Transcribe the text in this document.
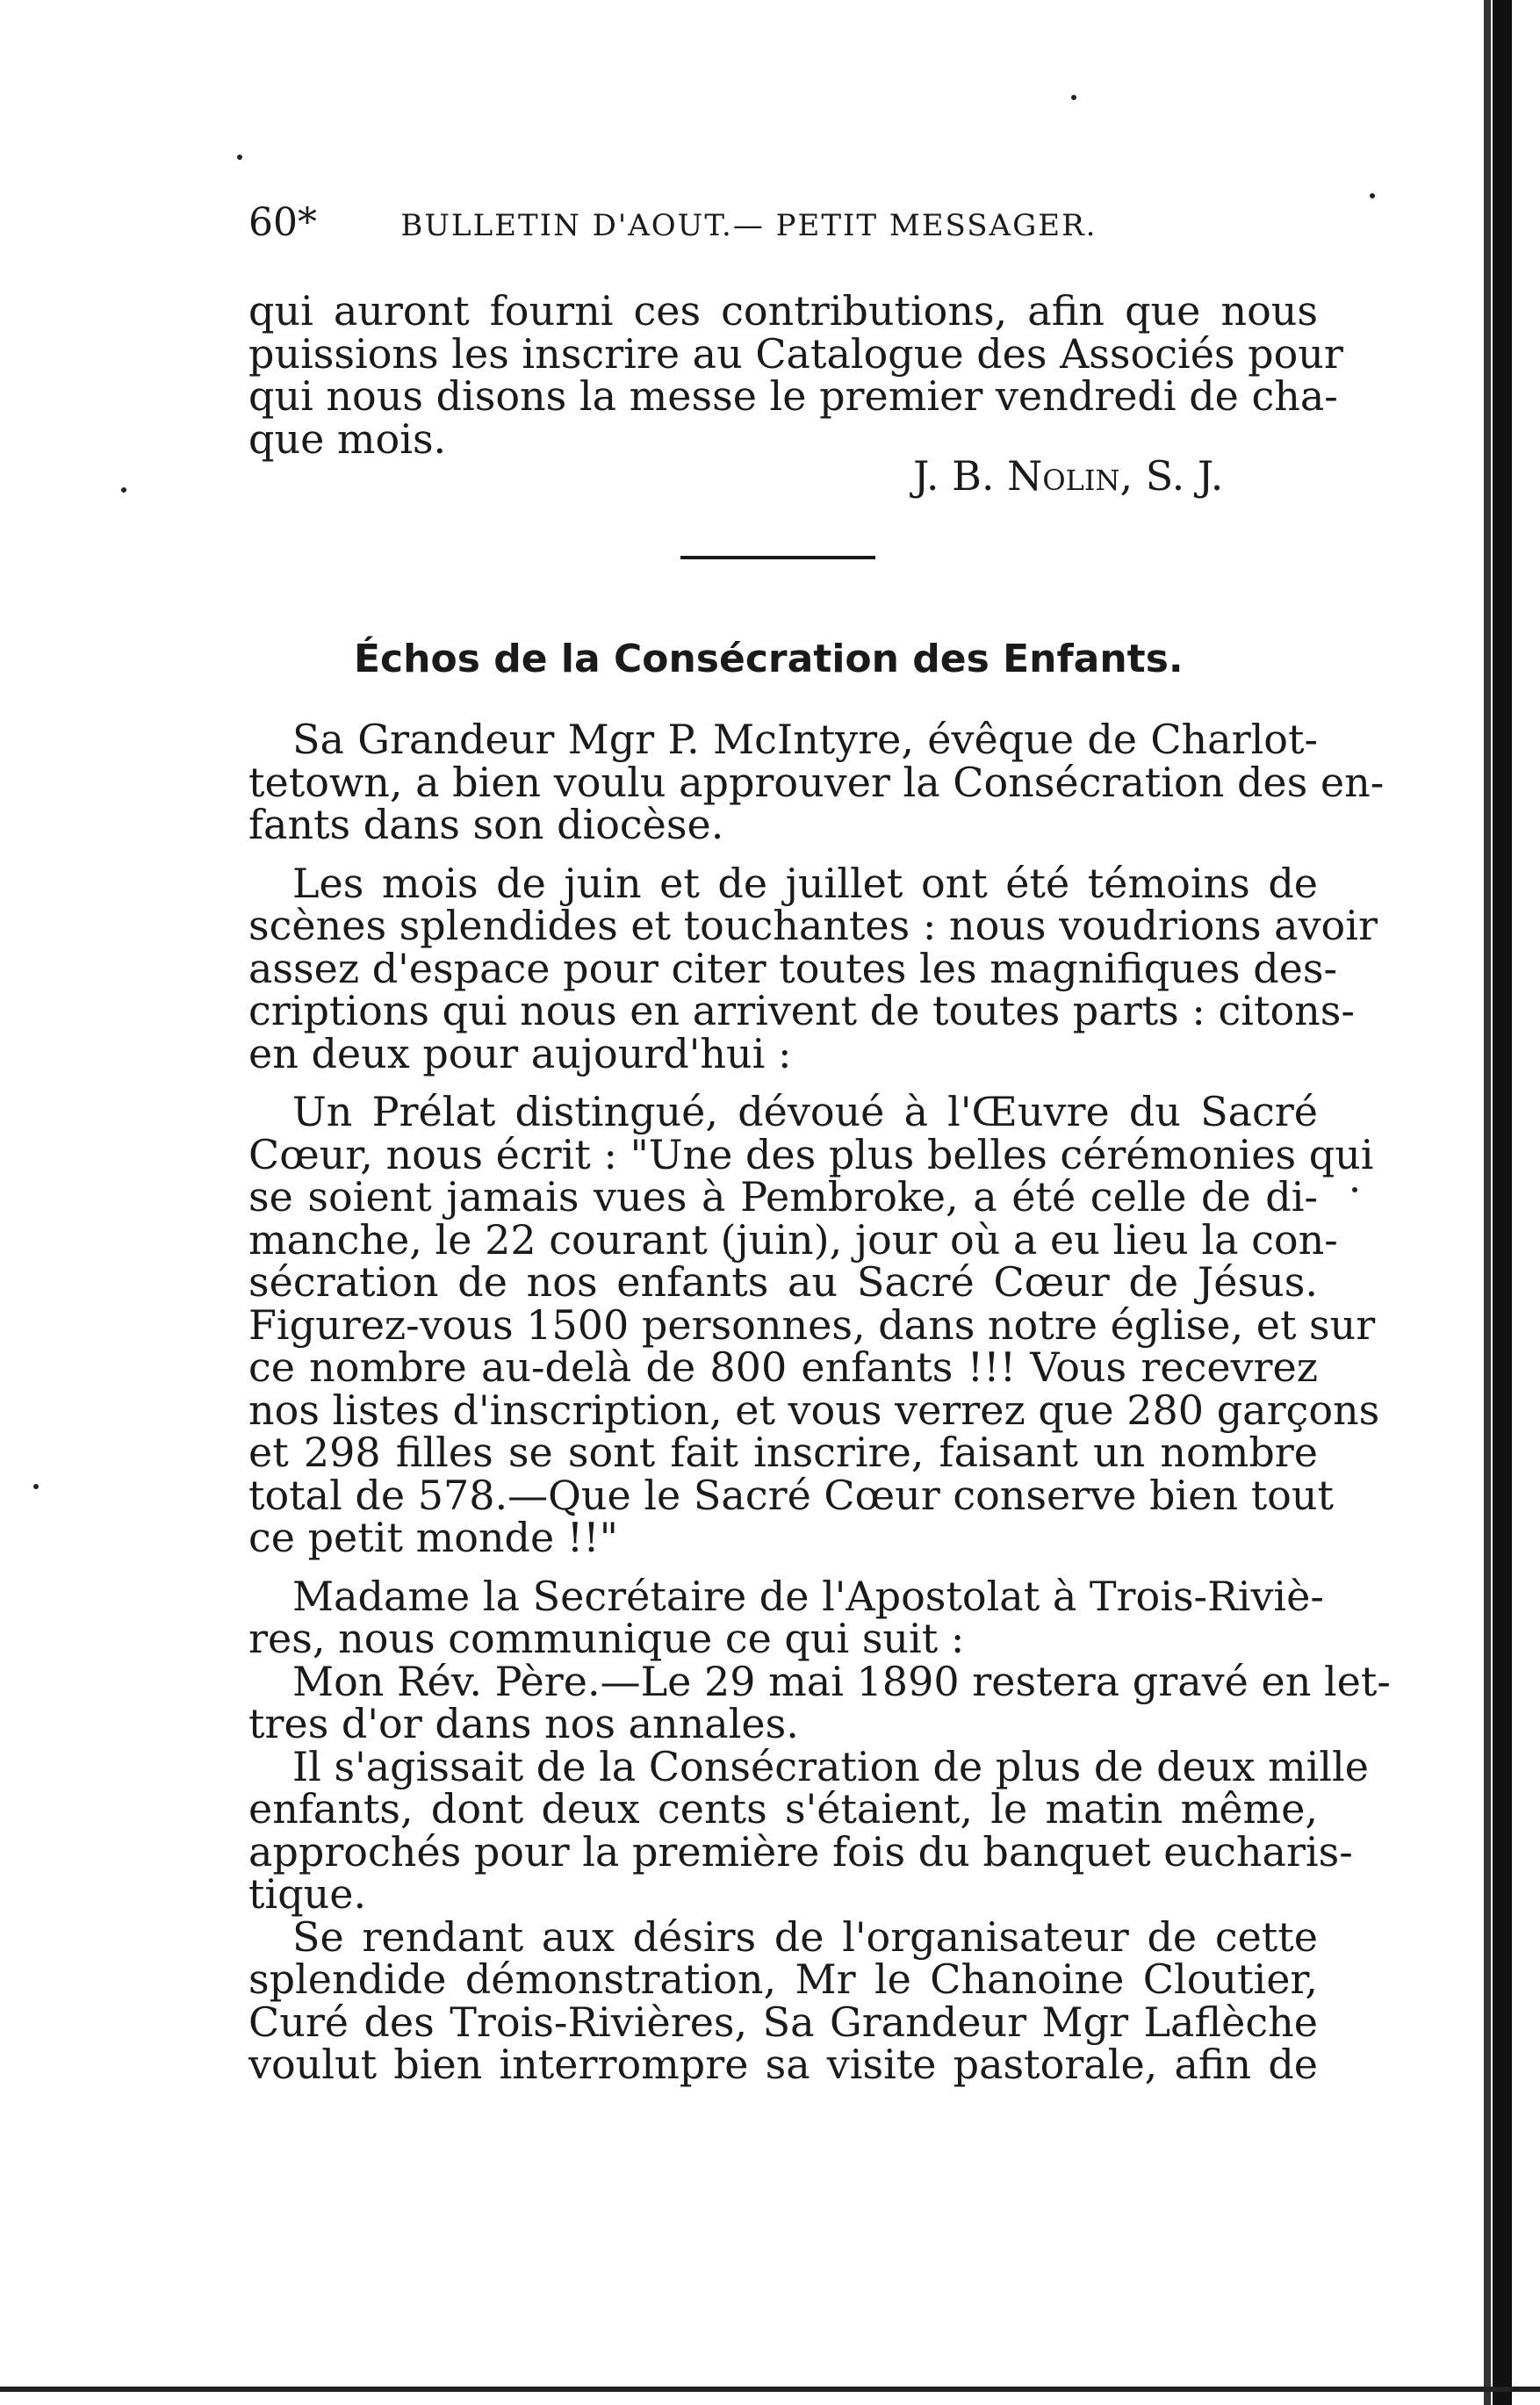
60*	BULLETIN D'AOUT.— PETIT MESSAGER.
qui auront fourni ces contributions, afin que nous
puissions les inscrire au Catalogue des Associés pour
qui nous disons la messe le premier vendredi de cha-
que mois.
J. B. Nolin, S. J.
Échos de la Consécration des Enfants.
Sa Grandeur Mgr P. McIntyre, évêque de Charlot-
tetown, a bien voulu approuver la Consécration des en-
fants dans son diocèse.
Les mois de juin et de juillet ont été témoins de
scènes splendides et touchantes : nous voudrions avoir
assez d'espace pour citer toutes les magnifiques des-
criptions qui nous en arrivent de toutes parts : citons-
en deux pour aujourd'hui :
Un Prélat distingué, dévoué à l'Œuvre du Sacré
Cœur, nous écrit : "Une des plus belles cérémonies qui
se soient jamais vues à Pembroke, a été celle de di-
manche, le 22 courant (juin), jour où a eu lieu la con-
sécration de nos enfants au Sacré Cœur de Jésus.
Figurez-vous 1500 personnes, dans notre église, et sur
ce nombre au-delà de 800 enfants !!! Vous recevrez
nos listes d'inscription, et vous verrez que 280 garçons
et 298 filles se sont fait inscrire, faisant un nombre
total de 578.—Que le Sacré Cœur conserve bien tout
ce petit monde !!"
Madame la Secrétaire de l'Apostolat à Trois-Riviè-
res, nous communique ce qui suit :
Mon Rév. Père.—Le 29 mai 1890 restera gravé en let-
tres d'or dans nos annales.
Il s'agissait de la Consécration de plus de deux mille
enfants, dont deux cents s'étaient, le matin même,
approchés pour la première fois du banquet eucharis-
tique.
Se rendant aux désirs de l'organisateur de cette
splendide démonstration, Mr le Chanoine Cloutier,
Curé des Trois-Rivières, Sa Grandeur Mgr Laflèche
voulut bien interrompre sa visite pastorale, afin de
